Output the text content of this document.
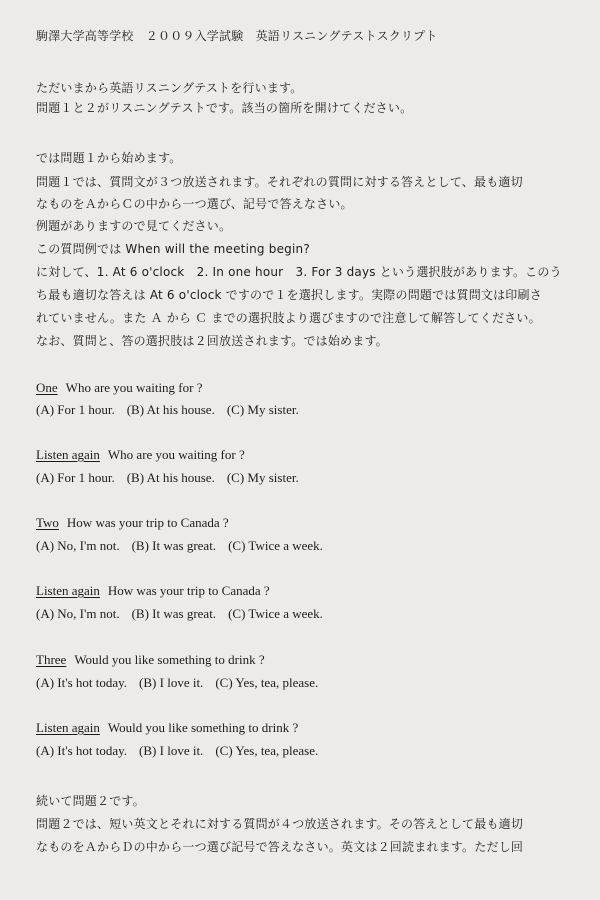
駒澤大学高等学校　２００９入学試験　英語リスニングテストスクリプト
ただいまから英語リスニングテストを行います。
問題１と２がリスニングテストです。該当の箇所を開けてください。
では問題１から始めます。
問題１では、質問文が３つ放送されます。それぞれの質問に対する答えとして、最も適切
なものをＡからＣの中から一つ選び、記号で答えなさい。
例題がありますので見てください。
この質問例では When will the meeting begin?
に対して、1. At 6 o'clock　2. In one hour　3. For 3 days という選択肢があります。このう
ち最も適切な答えは At 6 o'clock ですので１を選択します。実際の問題では質問文は印刷さ
れていません。また Ａ から Ｃ までの選択肢より選びますので注意して解答してください。
なお、質問と、答の選択肢は２回放送されます。では始めます。
One Who are you waiting for ?
(A) For 1 hour. (B) At his house. (C) My sister.
Listen again Who are you waiting for ?
(A) For 1 hour. (B) At his house. (C) My sister.
Two How was your trip to Canada ?
(A) No, I'm not. (B) It was great. (C) Twice a week.
Listen again How was your trip to Canada ?
(A) No, I'm not. (B) It was great. (C) Twice a week.
Three Would you like something to drink ?
(A) It's hot today. (B) I love it. (C) Yes, tea, please.
Listen again Would you like something to drink ?
(A) It's hot today. (B) I love it. (C) Yes, tea, please.
続いて問題２です。
問題２では、短い英文とそれに対する質問が４つ放送されます。その答えとして最も適切
なものをＡからＤの中から一つ選び記号で答えなさい。英文は２回読まれます。ただし回
